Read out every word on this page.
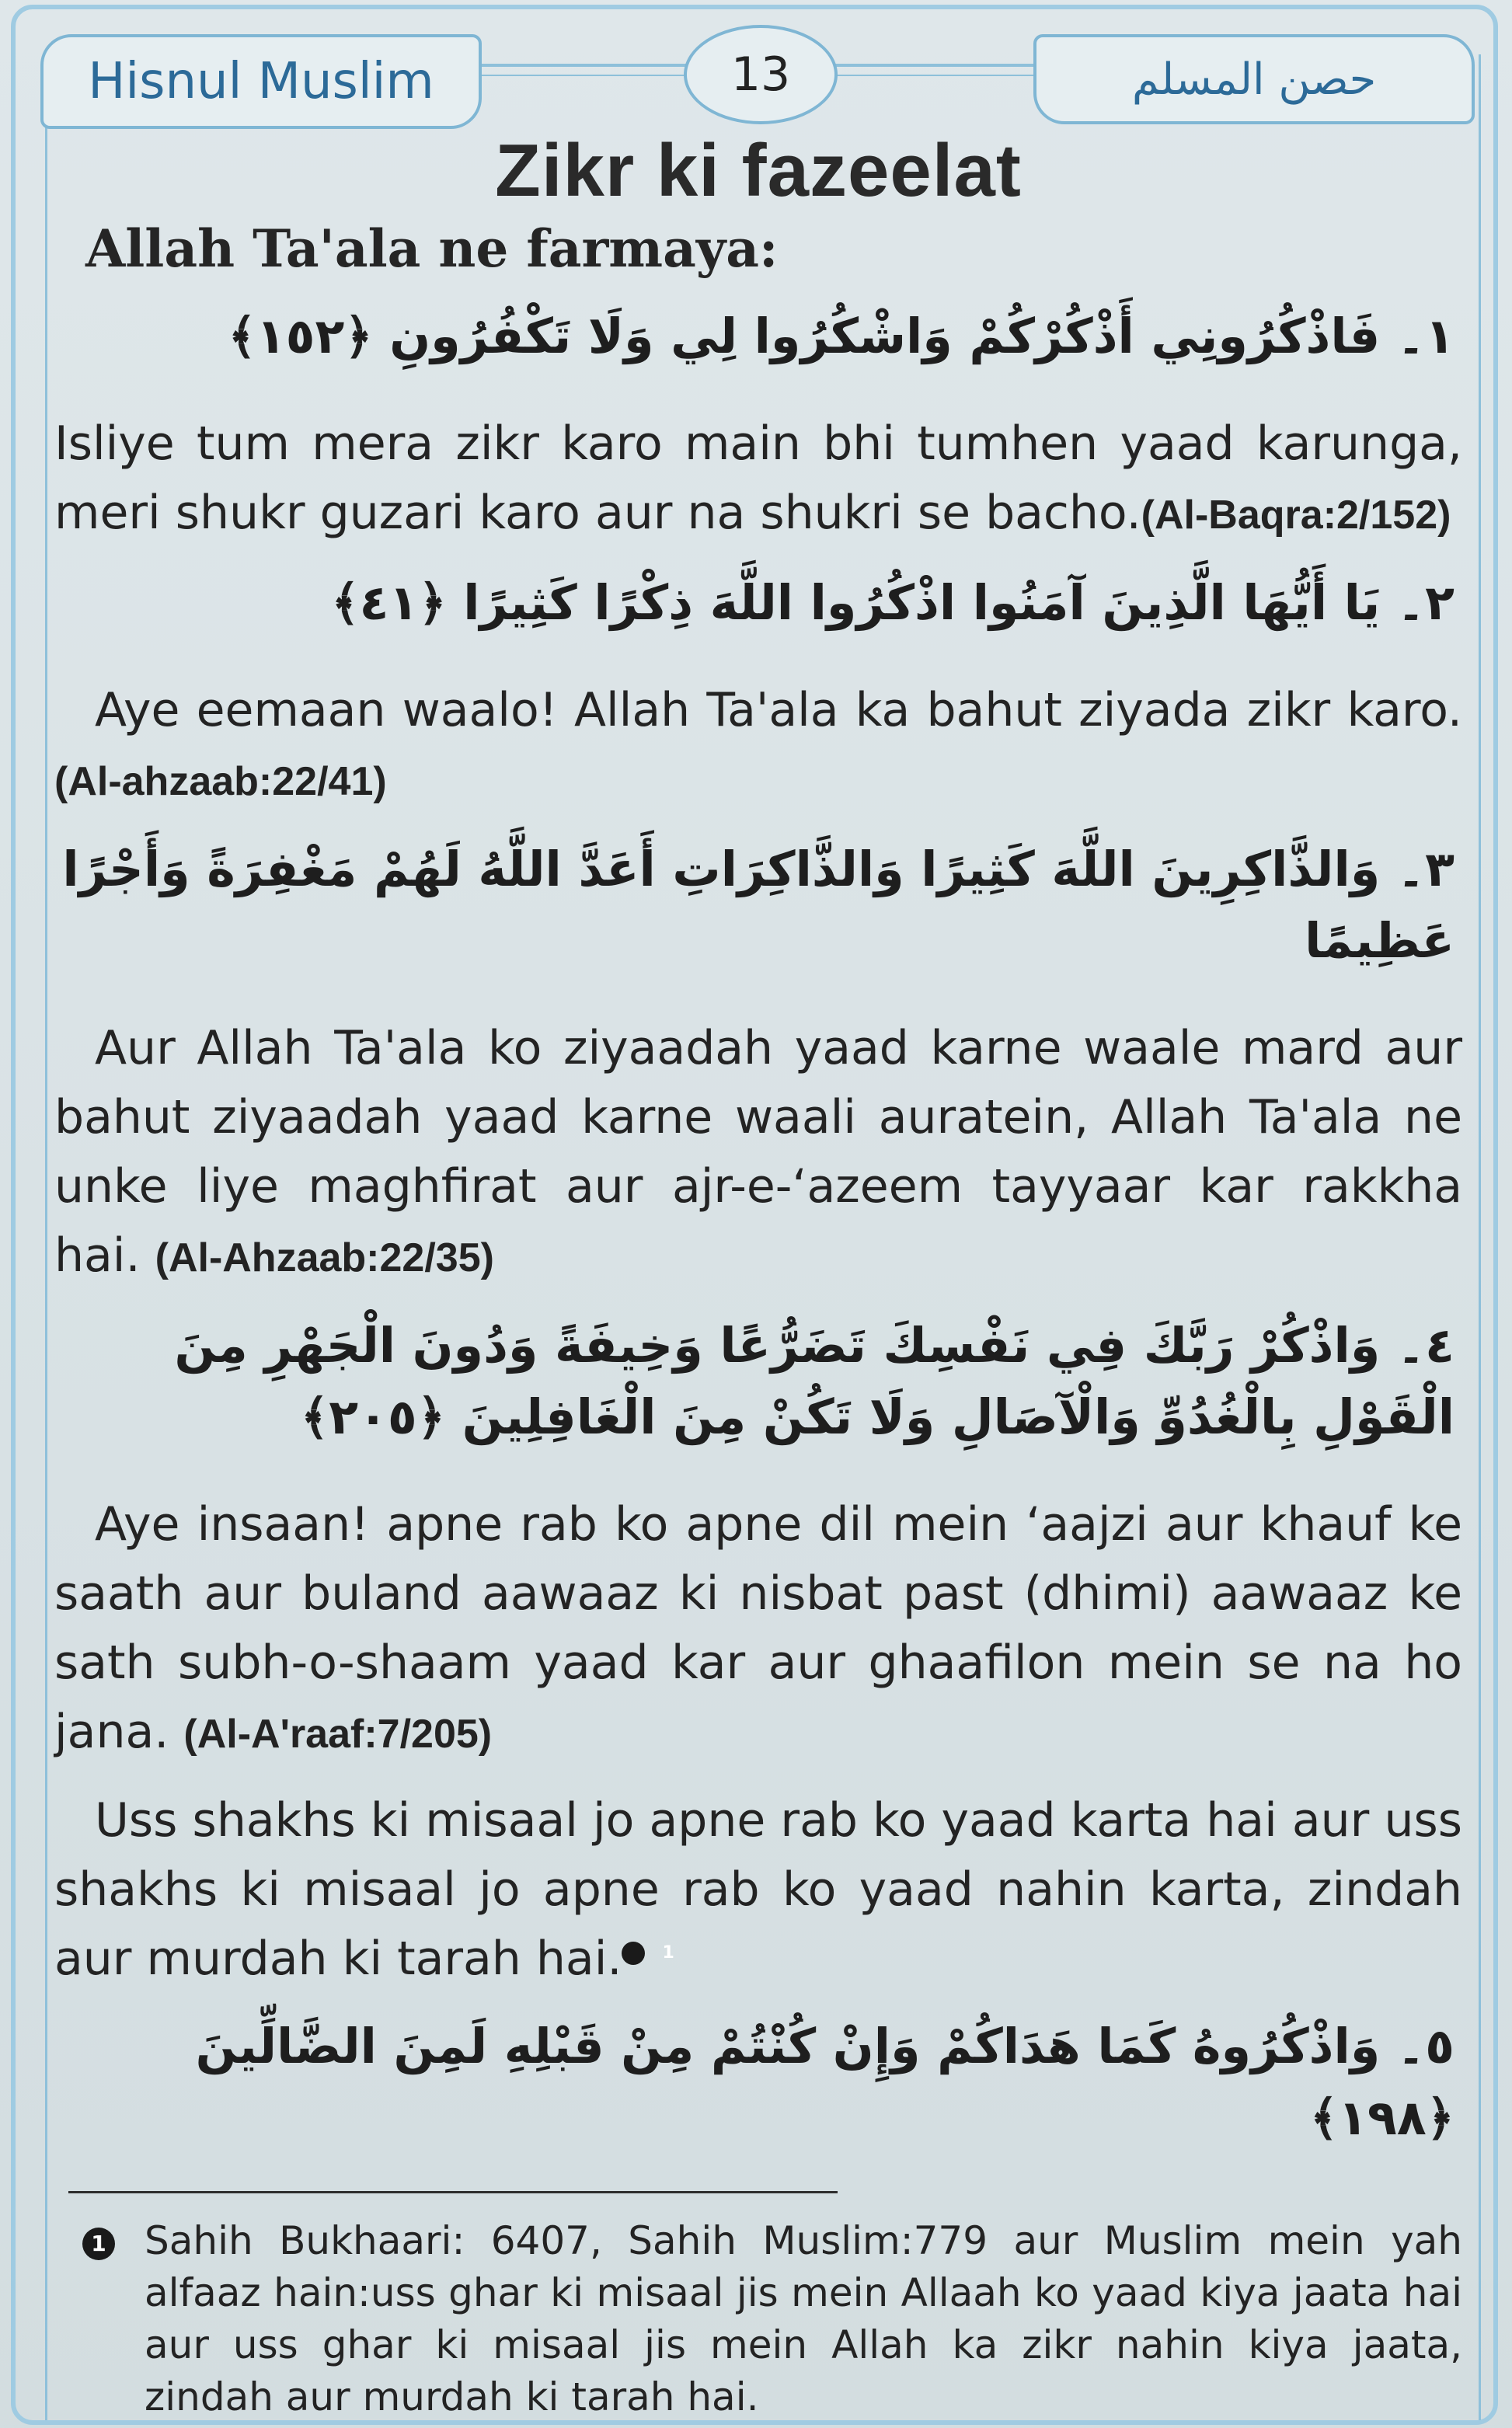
Hisnul Muslim	13	حصن المسلم
Zikr ki fazeelat
Allah Ta'ala ne farmaya:
١۔ فَاذْكُرُونِي أَذْكُرْكُمْ وَاشْكُرُوا لِي وَلَا تَكْفُرُونِ ﴿١٥٢﴾

Isliye tum mera zikr karo main bhi tumhen yaad karunga, meri shukr guzari karo aur na shukri se bacho.(Al-Baqra:2/152)

٢۔ يَا أَيُّهَا الَّذِينَ آمَنُوا اذْكُرُوا اللَّهَ ذِكْرًا كَثِيرًا ﴿٤١﴾

Aye eemaan waalo! Allah Ta'ala ka bahut ziyada zikr karo.(Al-ahzaab:22/41)

٣۔ وَالذَّاكِرِينَ اللَّهَ كَثِيرًا وَالذَّاكِرَاتِ أَعَدَّ اللَّهُ لَهُمْ مَغْفِرَةً وَأَجْرًا عَظِيمًا

Aur Allah Ta'ala ko ziyaadah yaad karne waale mard aur bahut ziyaadah yaad karne waali auratein, Allah Ta'ala ne unke liye maghfirat aur ajr-e-‘azeem tayyaar kar rakkha hai. (Al-Ahzaab:22/35)

٤۔ وَاذْكُرْ رَبَّكَ فِي نَفْسِكَ تَضَرُّعًا وَخِيفَةً وَدُونَ الْجَهْرِ مِنَ الْقَوْلِ بِالْغُدُوِّ وَالْآصَالِ وَلَا تَكُنْ مِنَ الْغَافِلِينَ ﴿٢٠٥﴾

Aye insaan! apne rab ko apne dil mein ‘aajzi aur khauf ke saath aur buland aawaaz ki nisbat past (dhimi) aawaaz ke sath subh-o-shaam yaad kar aur ghaafilon mein se na ho jana. (Al-A'raaf:7/205)

Uss shakhs ki misaal jo apne rab ko yaad karta hai aur uss shakhs ki misaal jo apne rab ko yaad nahin karta, zindah aur murdah ki tarah hai. 1

٥۔ وَاذْكُرُوهُ كَمَا هَدَاكُمْ وَإِنْ كُنْتُمْ مِنْ قَبْلِهِ لَمِنَ الضَّالِّينَ ﴿١٩٨﴾
1 Sahih Bukhaari: 6407, Sahih Muslim:779 aur Muslim mein yah alfaaz hain:uss ghar ki misaal jis mein Allaah ko yaad kiya jaata hai aur uss ghar ki misaal jis mein Allah ka zikr nahin kiya jaata, zindah aur murdah ki tarah hai.
